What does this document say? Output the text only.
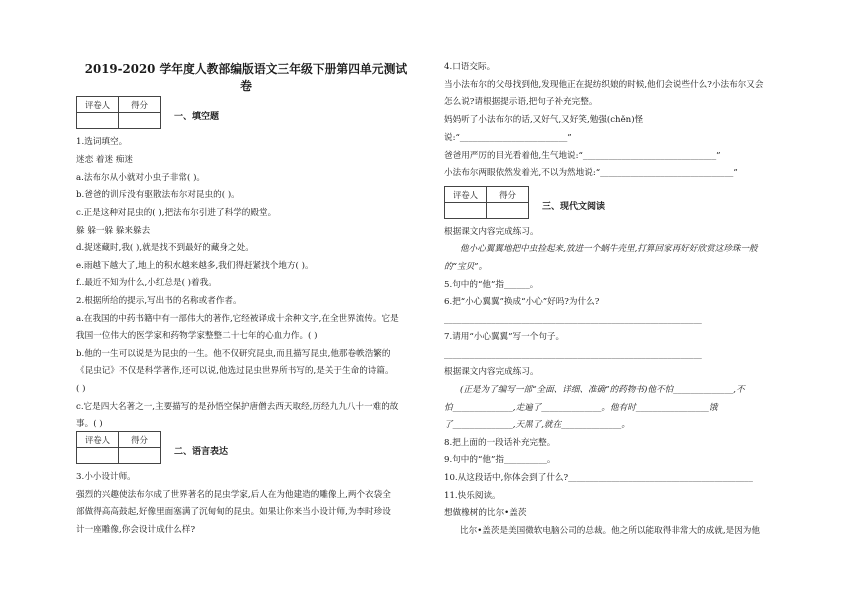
2019-2020 学年度人教部编版语文三年级下册第四单元测试
卷
评卷人	得分

一、填空题
1.选词填空。
迷恋 着迷 痴迷
a.法布尔从小就对小虫子非常( )。
b.爸爸的训斥没有驱散法布尔对昆虫的( )。
c.正是这种对昆虫的( ),把法布尔引进了科学的殿堂。
躲 躲一躲 躲来躲去
d.捉迷藏时,我( ),就是找不到最好的藏身之处。
e.雨越下越大了,地上的积水越来越多,我们得赶紧找个地方( )。
f..最近不知为什么,小红总是( )着我。
2.根据所给的提示,写出书的名称或者作者。
a.在我国的中药书籍中有一部伟大的著作,它经被译成十余种文字,在全世界流传。它是
我国一位伟大的医学家和药物学家整整二十七年的心血力作。( )
b.他的一生可以说是为昆虫的一生。他不仅研究昆虫,而且描写昆虫,他那卷帙浩繁的
《昆虫记》不仅是科学著作,还可以说,他选过昆虫世界所书写的,是关于生命的诗篇。
( )
c.它是四大名著之一,主要描写的是孙悟空保护唐僧去西天取经,历经九九八十一难的故
事。( )
评卷人	得分

二、语言表达
3.小小设计师。
强烈的兴趣使法布尔成了世界著名的昆虫学家,后人在为他建造的雕像上,两个衣袋全
部做得高高鼓起,好像里面塞满了沉甸甸的昆虫。如果让你来当小设计师,为李时珍设
计一座雕像,你会设计成什么样?
4.口语交际。
当小法布尔的父母找到他,发现他正在捉纺织娘的时候,他们会说些什么?小法布尔又会
怎么说?请根据提示语,把句子补充完整。
妈妈听了小法布尔的话,又好气,又好笑,勉强(chěn)怪
说:“_________________________”
爸爸用严厉的目光看着他,生气地说:“_______________________________”
小法布尔两眼依然发着光,不以为然地说:“_______________________________”
评卷人	得分

三、现代文阅读
根据课文内容完成练习。
他小心翼翼地把中虫捡起来,放进一个蜗牛壳里,打算回家再好好欣赏这珍珠一般
的“宝贝”。
5.句中的“他”指______。
6.把“小心翼翼”换成“小心”好吗?为什么?
____________________________________________________________
7.请用“小心翼翼”写一个句子。
____________________________________________________________
根据课文内容完成练习。
(正是为了编写一部“全面、详细、准确”的药物书)他不怕______________,不
怕______________,走遍了______________。他有时_________________饿
了______________,天黑了,就在______________。
8.把上面的一段话补充完整。
9.句中的“他”指__________。
10.从这段话中,你体会到了什么?___________________________________________
11.快乐阅读。
想做橡树的比尔•盖茨
比尔•盖茨是美国微软电脑公司的总裁。他之所以能取得非常大的成就,是因为他
